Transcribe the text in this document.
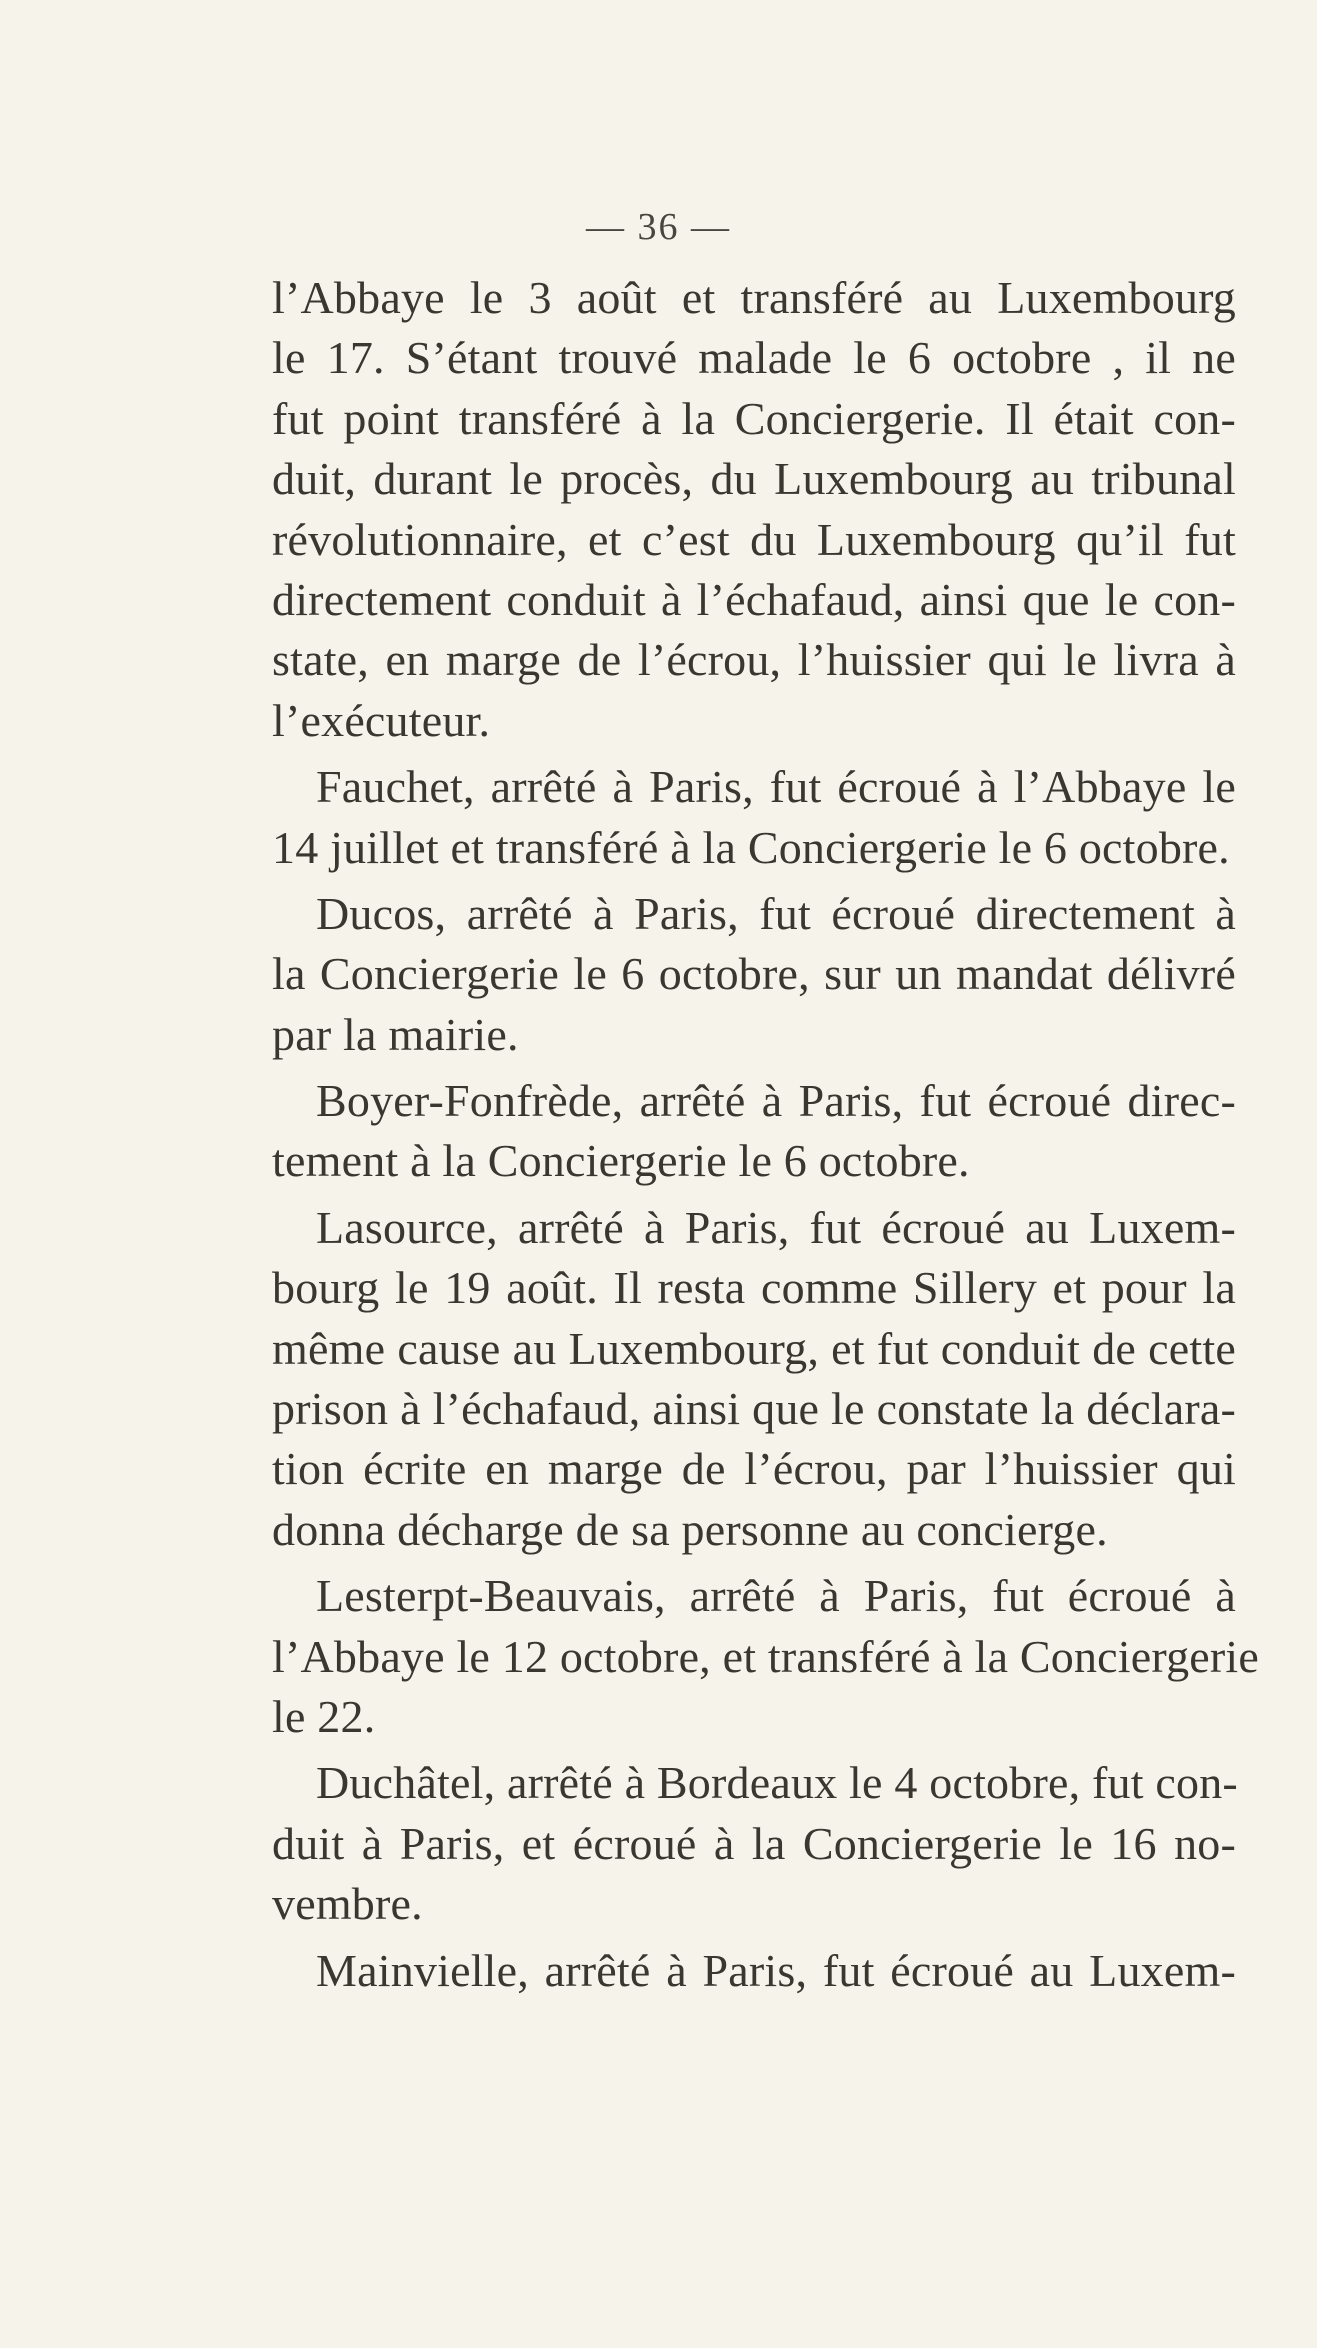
— 36 —
l’Abbaye le 3 août et transféré au Luxembourg
le 17. S’étant trouvé malade le 6 octobre , il ne
fut point transféré à la Conciergerie. Il était con-
duit, durant le procès, du Luxembourg au tribunal
révolutionnaire, et c’est du Luxembourg qu’il fut
directement conduit à l’échafaud, ainsi que le con-
state, en marge de l’écrou, l’huissier qui le livra à
l’exécuteur.
Fauchet, arrêté à Paris, fut écroué à l’Abbaye le
14 juillet et transféré à la Conciergerie le 6 octobre.
Ducos, arrêté à Paris, fut écroué directement à
la Conciergerie le 6 octobre, sur un mandat délivré
par la mairie.
Boyer-Fonfrède, arrêté à Paris, fut écroué direc-
tement à la Conciergerie le 6 octobre.
Lasource, arrêté à Paris, fut écroué au Luxem-
bourg le 19 août. Il resta comme Sillery et pour la
même cause au Luxembourg, et fut conduit de cette
prison à l’échafaud, ainsi que le constate la déclara-
tion écrite en marge de l’écrou, par l’huissier qui
donna décharge de sa personne au concierge.
Lesterpt-Beauvais, arrêté à Paris, fut écroué à
l’Abbaye le 12 octobre, et transféré à la Conciergerie
le 22.
Duchâtel, arrêté à Bordeaux le 4 octobre, fut con-
duit à Paris, et écroué à la Conciergerie le 16 no-
vembre.
Mainvielle, arrêté à Paris, fut écroué au Luxem-
